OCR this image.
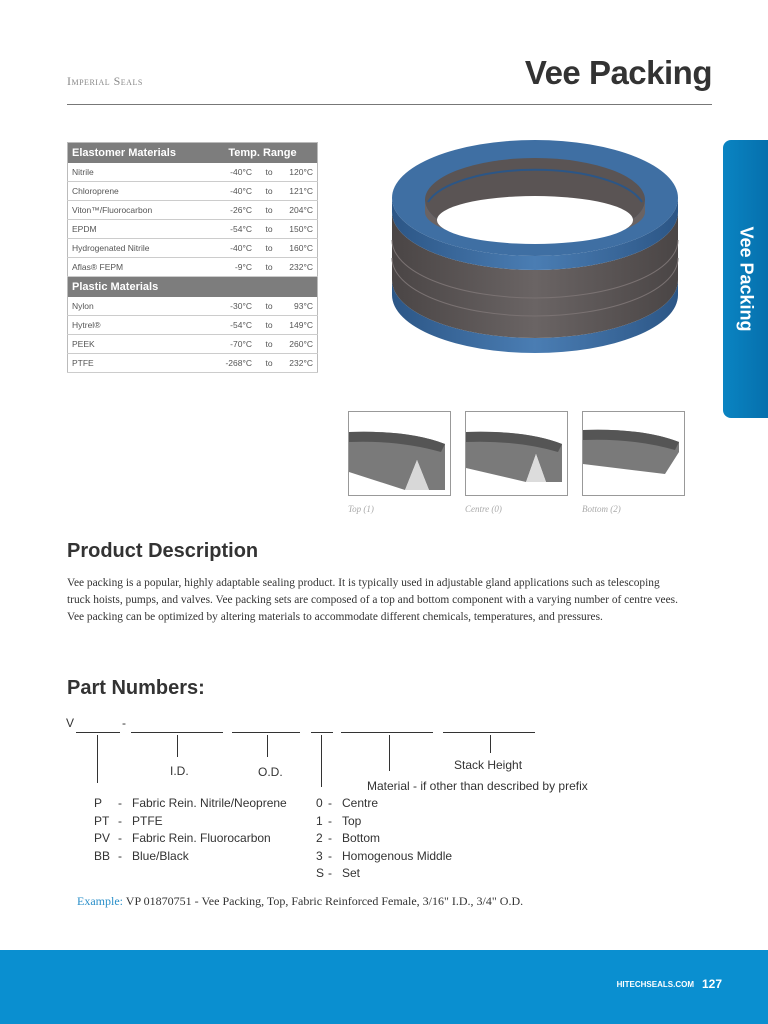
Imperial Seals	Vee Packing
Vee Packing
Elastomer Materials	Temp. Range		
Nitrile	-40°C	to	120°C
Chloroprene	-40°C	to	121°C
Viton™/Fluorocarbon	-26°C	to	204°C
EPDM	-54°C	to	150°C
Hydrogenated Nitrile	-40°C	to	160°C
Aflas® FEPM	-9°C	to	232°C
Plastic Materials			
Nylon	-30°C	to	93°C
Hytrel®	-54°C	to	149°C
PEEK	-70°C	to	260°C
PTFE	-268°C	to	232°C
Top (1)	Centre (0)	Bottom (2)
Product Description

Vee packing is a popular, highly adaptable sealing product. It is typically used in adjustable gland applications such as telescoping truck hoists, pumps, and valves. Vee packing sets are composed of a top and bottom component with a varying number of centre vees. Vee packing can be optimized by altering materials to accommodate different chemicals, temperatures, and pressures.

Part Numbers:
V	-
I.D.	O.D.	Stack Height
Material - if other than described by prefix
P - Fabric Rein. Nitrile/Neoprene
PT - PTFE
PV - Fabric Rein. Fluorocarbon
BB - Blue/Black
0 - Centre
1 - Top
2 - Bottom
3 - Homogenous Middle
S - Set
Example: VP 01870751 - Vee Packing, Top, Fabric Reinforced Female, 3/16" I.D., 3/4" O.D.
HITECHSEALS.COM 127
